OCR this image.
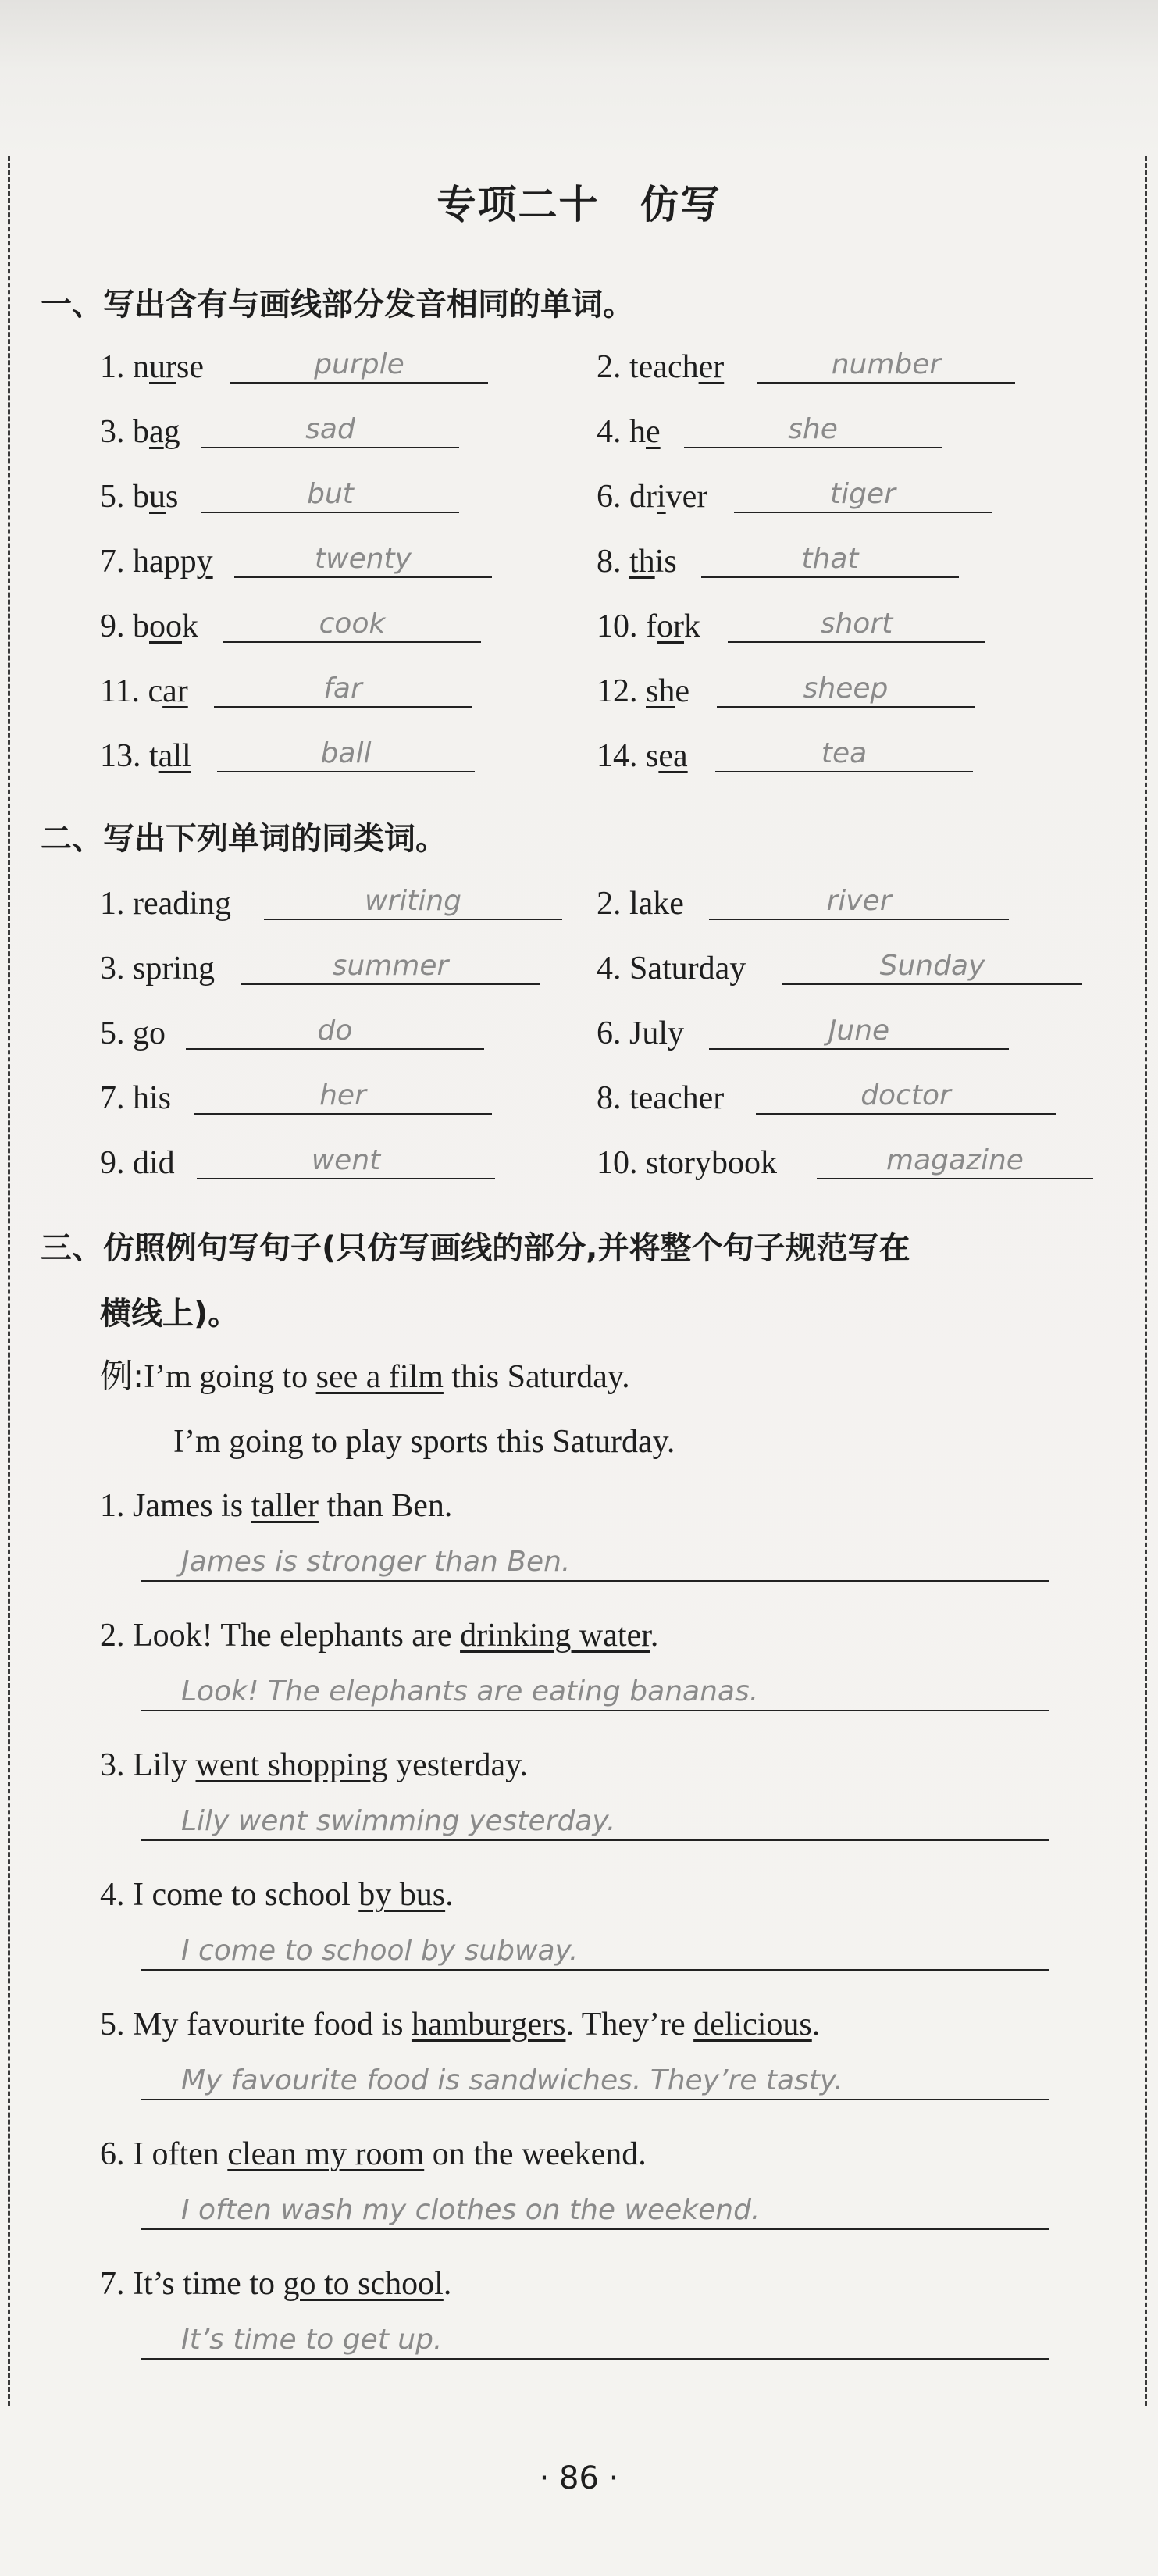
专项二十　仿写
一、写出含有与画线部分发音相同的单词。
1. nurse	purple	2. teacher	number
3. bag	sad	4. he	she
5. bus	but	6. driver	tiger
7. happy	twenty	8. this	that
9. book	cook	10. fork	short
11. car	far	12. she	sheep
13. tall	ball	14. sea	tea
二、写出下列单词的同类词。
1. reading	writing	2. lake	river
3. spring	summer	4. Saturday	Sunday
5. go	do	6. July	June
7. his	her	8. teacher	doctor
9. did	went	10. storybook	magazine
三、仿照例句写句子(只仿写画线的部分,并将整个句子规范写在
横线上)。
例:I’m going to see a film this Saturday.
I’m going to play sports this Saturday.
1. James is taller than Ben.
James is stronger than Ben.
2. Look! The elephants are drinking water.
Look! The elephants are eating bananas.
3. Lily went shopping yesterday.
Lily went swimming yesterday.
4. I come to school by bus.
I come to school by subway.
5. My favourite food is hamburgers. They’re delicious.
My favourite food is sandwiches. They’re tasty.
6. I often clean my room on the weekend.
I often wash my clothes on the weekend.
7. It’s time to go to school.
It’s time to get up.
· 86 ·
